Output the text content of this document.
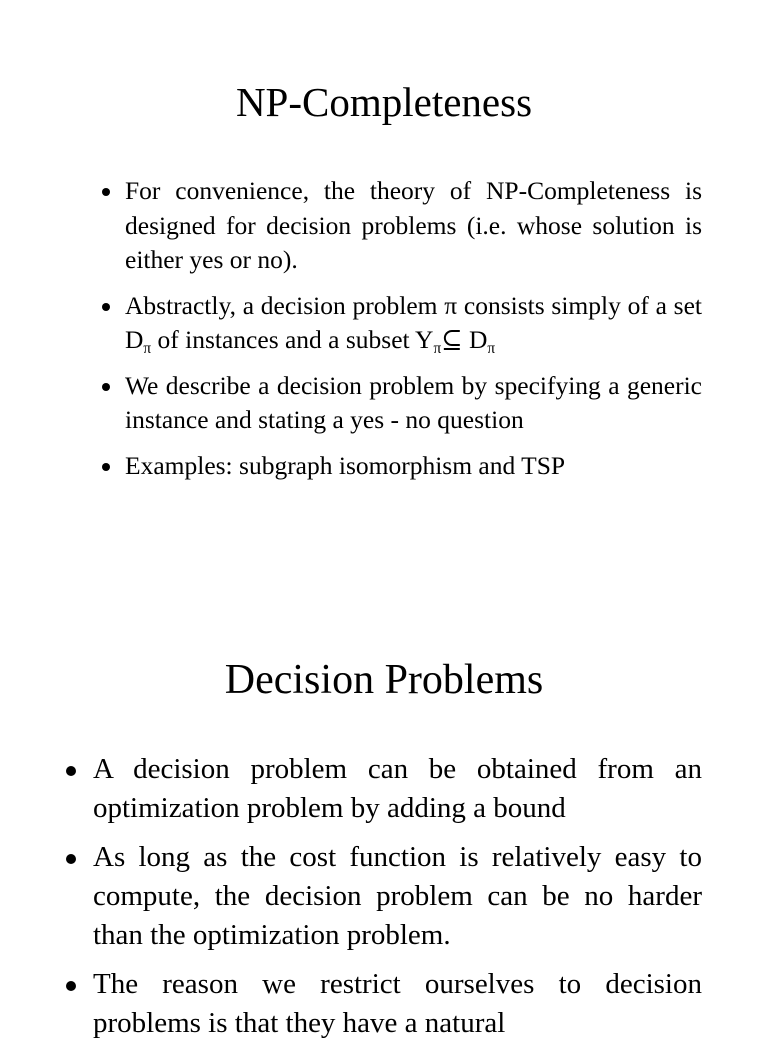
NP-Completeness
For convenience, the theory of NP-Completeness is designed for decision problems (i.e. whose solution is either yes or no).
Abstractly, a decision problem π consists simply of a set $D_\pi$ of instances and a subset $Y_\pi⊆$ $D_\pi$
We describe a decision problem by specifying a generic instance and stating a yes - no question
Examples: subgraph isomorphism and TSP
Decision Problems
A decision problem can be obtained from an optimization problem by adding a bound
As long as the cost function is relatively easy to compute, the decision problem can be no harder than the optimization problem.
The reason we restrict ourselves to decision problems is that they have a natural
